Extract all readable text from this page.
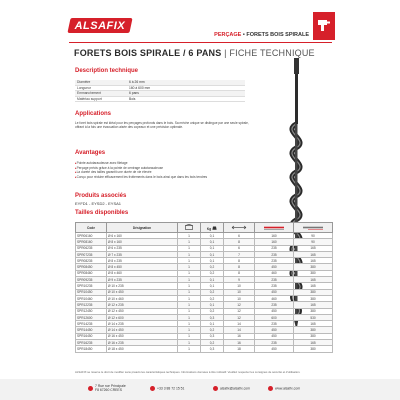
ALSAFIX
PERÇAGE • FORETS BOIS SPIRALE
FORETS BOIS SPIRALE / 6 PANS | FICHE TECHNIQUE
Description technique
Diamètre	6 à 26 mm
Longueur	160 à 600 mm
Emmanchement	6 pans
Matériau support	Bois
Applications
Le foret bois spirale est idéal pour les perçages profonds dans le bois. Sa mèche unique se distingue par une seule spirale, offrant à la fois une évacuation aisée des copeaux et une précision optimale.
Avantages
▸ Pointe autotaraudeuse avec filetage
▸ Perçage précis grâce à la pointe de centrage autotaraudeuse
▸ La dureté des tailles garantit une durée de vie élevée
▸ Conçu pour réduire efficacement les frottements dans le bois ainsi que dans les bois tendres
Produits associés
EYFD1 - EYSD2 - EYSA1
Tailles disponibles
Code	Désignation		Kg			
SPR06160	Ø 6 x 160	1	0,1	6	160	90
SPR08160	Ø 8 x 160	1	0,1	8	160	90
SPR06235	Ø 6 x 235	1	0,1	6	235	165
SPR07235	Ø 7 x 235	1	0,1	7	235	165
SPR08235	Ø 8 x 235	1	0,1	8	235	165
SPR08450	Ø 8 x 450	1	0,2	8	450	380
SPR08460	Ø 8 x 460	1	0,2	8	460	380
SPR09235	Ø 9 x 235	1	0,1	9	235	165
SPR10235	Ø 10 x 235	1	0,1	10	235	165
SPR10450	Ø 10 x 450	1	0,2	10	450	380
SPR10460	Ø 10 x 460	1	0,2	10	460	380
SPR12235	Ø 12 x 235	1	0,1	12	235	165
SPR12450	Ø 12 x 450	1	0,2	12	450	380
SPR12600	Ø 12 x 600	1	0,3	12	600	530
SPR14235	Ø 14 x 235	1	0,1	14	235	165
SPR14450	Ø 14 x 450	1	0,2	14	450	380
SPR16450	Ø 16 x 450	1	0,3	16	450	380
SPR16235	Ø 16 x 235	1	0,2	16	235	165
SPR18450	Ø 18 x 450	1	0,3	18	450	380
ALSAFIX se réserve le droit de modifier sans préavis les caractéristiques techniques. Informations données à titre indicatif. Veuillez respecter les consignes de sécurité et d'utilisation.
7 Rue rue Principale
F8 67260 CREES	+33 3 88 72 15 51	alsafix@alsafix.com	www.alsafix.com
